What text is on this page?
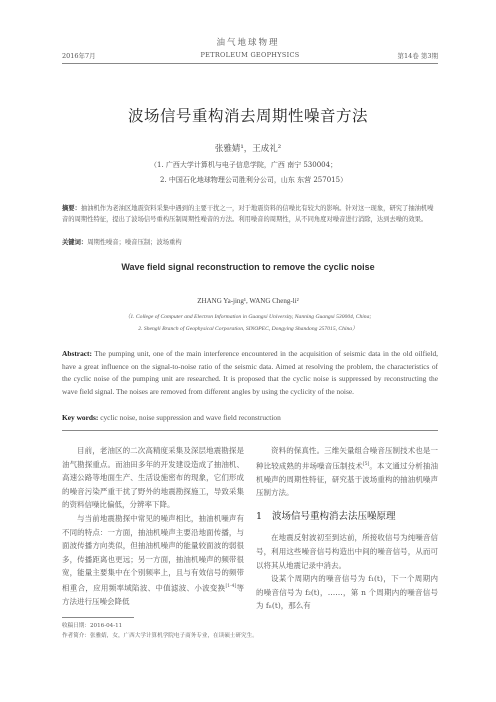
油气地球物理
2016年7月	PETROLEUM GEOPHYSICS	第14卷 第3期
波场信号重构消去周期性噪音方法
张雅婧¹，王成礼²
（1. 广西大学计算机与电子信息学院，广西 南宁 530004；
2. 中国石化地球物理公司胜利分公司，山东 东营 257015）
摘要：抽油机作为老油区地震资料采集中遇到的主要干扰之一，对于地震资料的信噪比有较大的影响。针对这一现象，研究了抽油机噪音的周期性特征，提出了波场信号重构压制周期性噪音的方法。利用噪音的周期性，从不同角度对噪音进行消除，达到去噪的效果。
关键词：周期性噪音；噪音压制；波场重构
Wave field signal reconstruction to remove the cyclic noise
ZHANG Ya-jing¹, WANG Cheng-li²
（1. College of Computer and Electron Information in Guangxi University, Nanning Guangxi 530004, China;
2. Shengli Branch of Geophysical Corporation, SINOPEC, Dongying Shandong 257015, China）
Abstract: The pumping unit, one of the main interference encountered in the acquisition of seismic data in the old oilfield, have a great influence on the signal-to-noise ratio of the seismic data. Aimed at resolving the problem, the characteristics of the cyclic noise of the pumping unit are researched. It is proposed that the cyclic noise is suppressed by reconstructing the wave field signal. The noises are removed from different angles by using the cyclicity of the noise.
Key words: cyclic noise, noise suppression and wave field reconstruction

目前，老油区的二次高精度采集及深层地震勘探是油气勘探重点。而油田多年的开发建设造成了抽油机、高速公路等地面生产、生活设施密布的现象，它们形成的噪音污染严重干扰了野外的地震勘探施工，导致采集的资料信噪比偏低，分辨率下降。

与当前地震勘探中常见的噪声相比，抽油机噪声有不同的特点：一方面，抽油机噪声主要沿地面传播，与面波传播方向类似，但抽油机噪声的能量较面波的弱很多，传播距离也更远；另一方面，抽油机噪声的频带很宽，能量主要集中在个别频率上，且与有效信号的频带相重合，应用频率域陷波、中值滤波、小波变换[1-4]等方法进行压噪会降低

资料的保真性。三维矢量组合噪音压制技术也是一种比较成熟的井场噪音压制技术[5]。本文通过分析抽油机噪声的周期性特征，研究基于波场重构的抽油机噪声压制方法。

1 波场信号重构消去法压噪原理

在地震反射波初至到达前，所接收信号为纯噪音信号，利用这些噪音信号构造出中间的噪音信号，从而可以将其从地震记录中消去。

设某个周期内的噪音信号为 f₁(t)，下一个周期内的噪音信号为 f₂(t)，……，第 n 个周期内的噪音信号为 fₙ(t)，那么有

收稿日期：2016-04-11
作者简介：张雅婧，女，广西大学计算机学院电子商务专业，在读硕士研究生。
